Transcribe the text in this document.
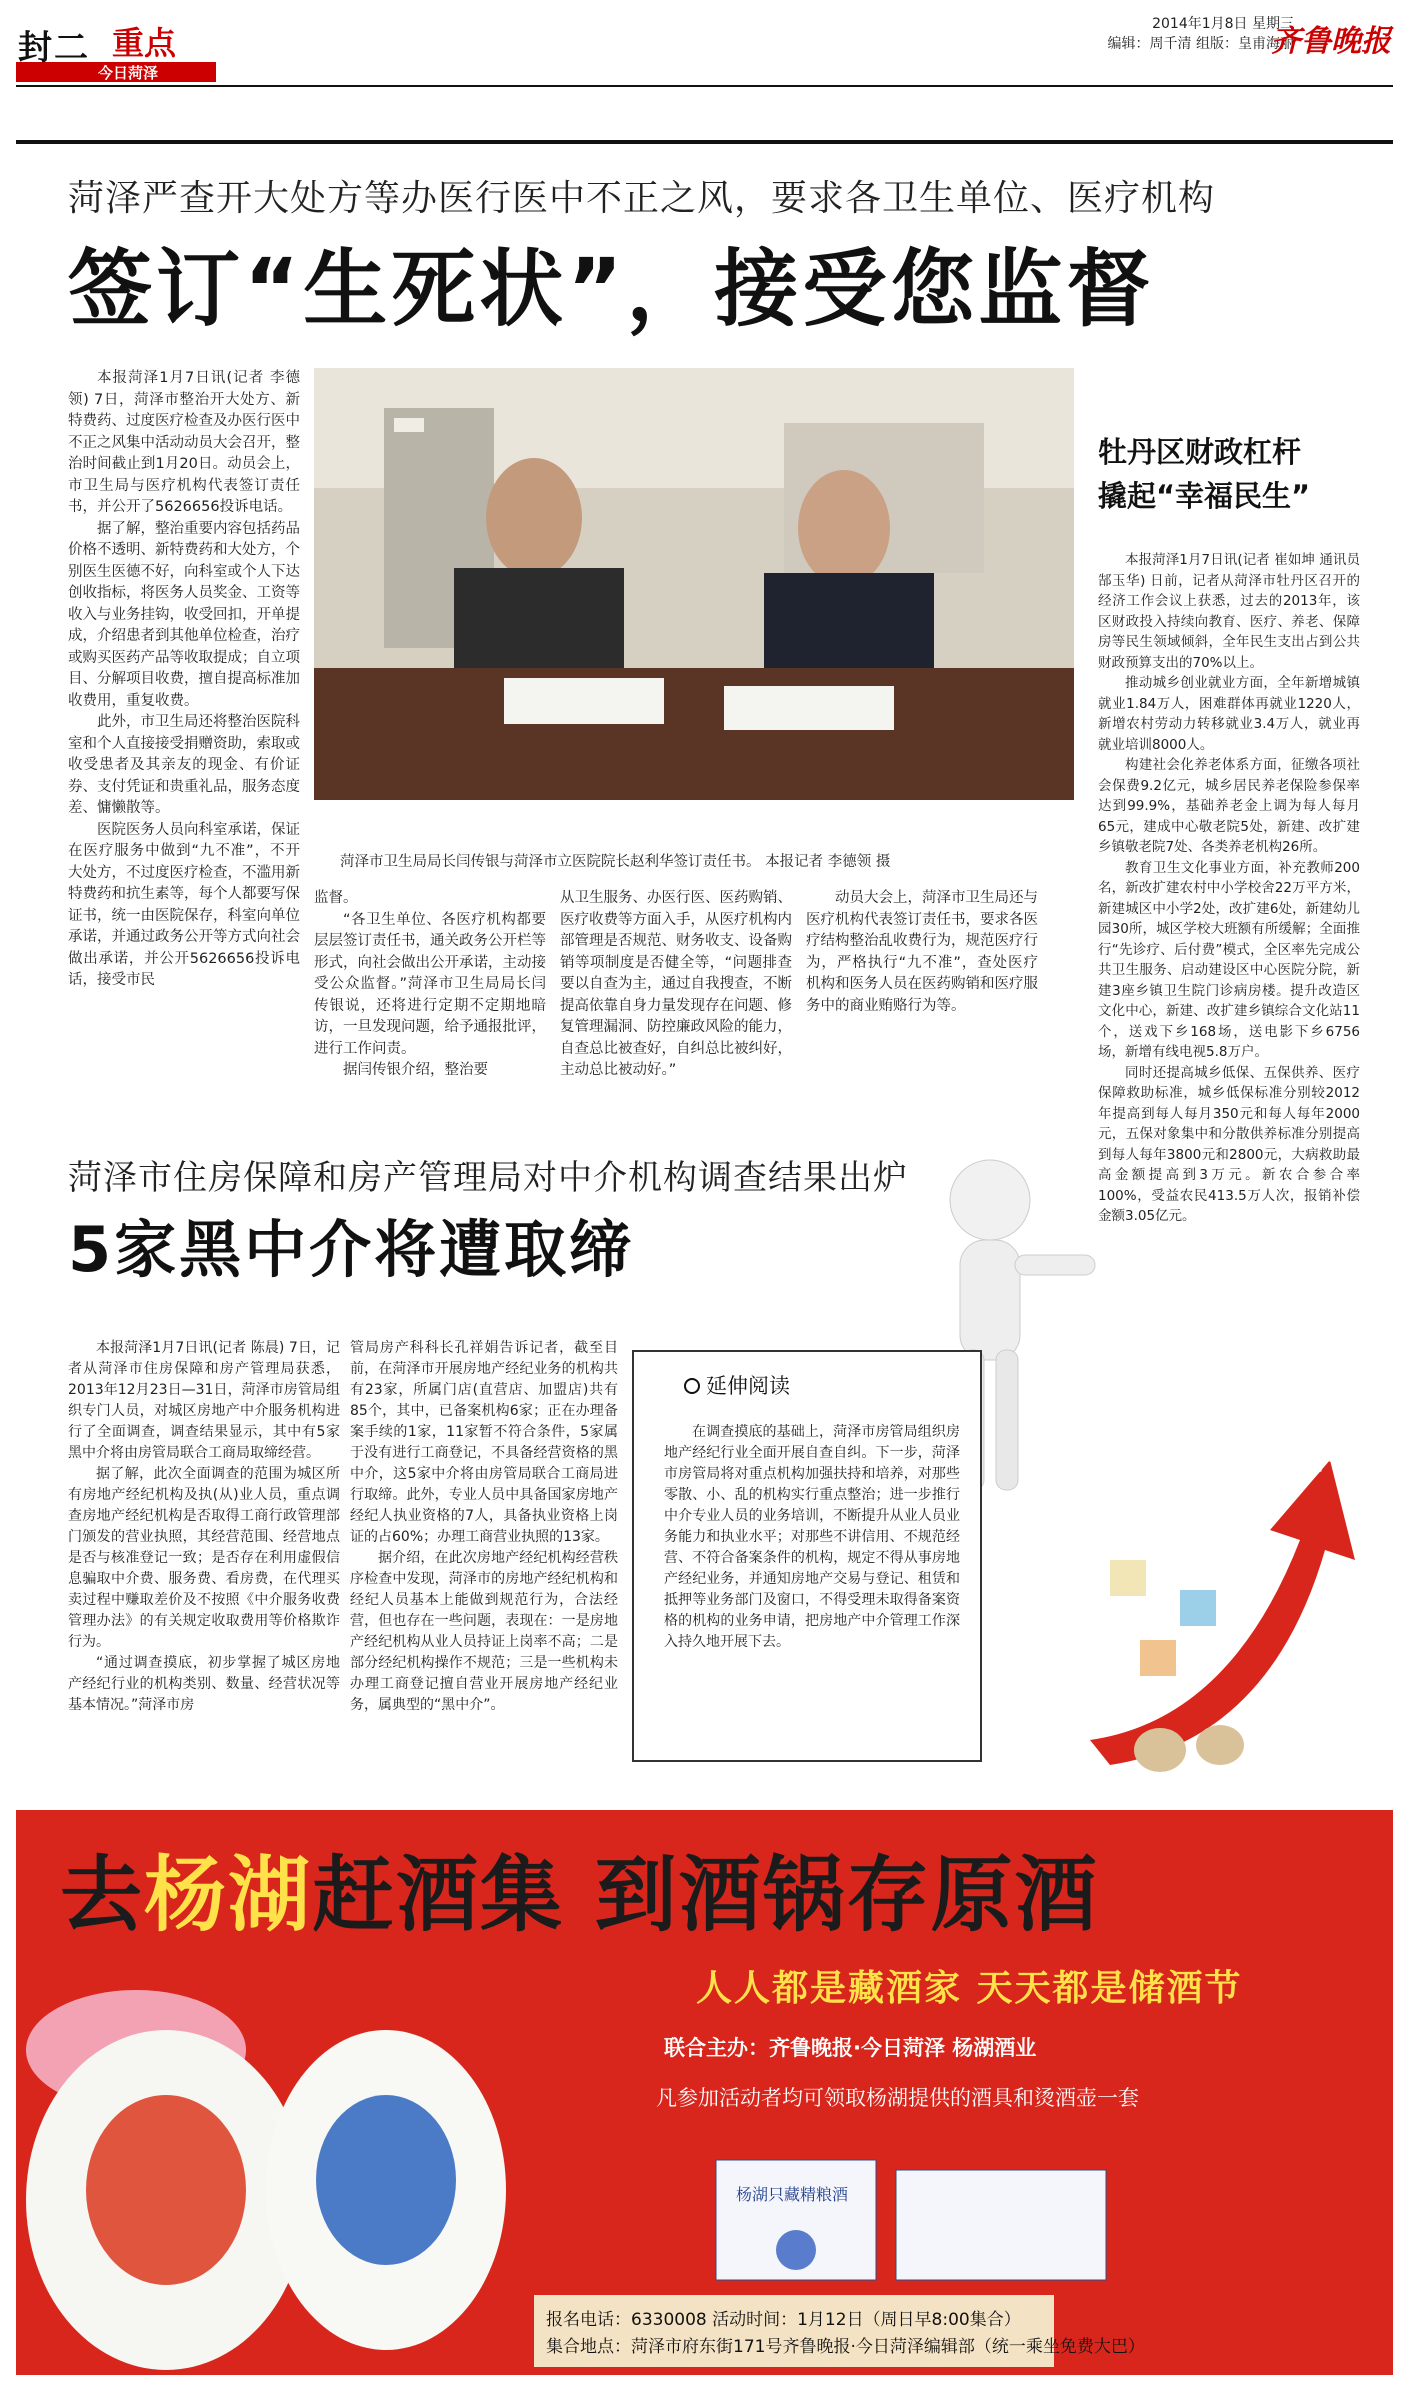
封二 重点
今日菏泽
2014年1月8日 星期三
编辑：周千清 组版：皇甫海丽
齐鲁晚报
菏泽严查开大处方等办医行医中不正之风，要求各卫生单位、医疗机构
签订“生死状”，接受您监督

本报菏泽1月7日讯(记者 李德领) 7日，菏泽市整治开大处方、新特费药、过度医疗检查及办医行医中不正之风集中活动动员大会召开，整治时间截止到1月20日。动员会上，市卫生局与医疗机构代表签订责任书，并公开了5626656投诉电话。

据了解，整治重要内容包括药品价格不透明、新特费药和大处方，个别医生医德不好，向科室或个人下达创收指标，将医务人员奖金、工资等收入与业务挂钩，收受回扣，开单提成，介绍患者到其他单位检查，治疗或购买医药产品等收取提成；自立项目、分解项目收费，擅自提高标准加收费用，重复收费。

此外，市卫生局还将整治医院科室和个人直接接受捐赠资助，索取或收受患者及其亲友的现金、有价证券、支付凭证和贵重礼品，服务态度差、慵懒散等。

医院医务人员向科室承诺，保证在医疗服务中做到“九不准”，不开大处方，不过度医疗检查，不滥用新特费药和抗生素等，每个人都要写保证书，统一由医院保存，科室向单位承诺，并通过政务公开等方式向社会做出承诺，并公开5626656投诉电话，接受市民

菏泽市卫生局局长闫传银与菏泽市立医院院长赵利华签订责任书。 本报记者 李德领 摄

监督。

“各卫生单位、各医疗机构都要层层签订责任书，通关政务公开栏等形式，向社会做出公开承诺，主动接受公众监督。”菏泽市卫生局局长闫传银说，还将进行定期不定期地暗访，一旦发现问题，给予通报批评，进行工作问责。

据闫传银介绍，整治要

从卫生服务、办医行医、医药购销、医疗收费等方面入手，从医疗机构内部管理是否规范、财务收支、设备购销等项制度是否健全等，“问题排查要以自查为主，通过自我搜查，不断提高依靠自身力量发现存在问题、修复管理漏洞、防控廉政风险的能力，自查总比被查好，自纠总比被纠好，主动总比被动好。”

动员大会上，菏泽市卫生局还与医疗机构代表签订责任书，要求各医疗结构整治乱收费行为，规范医疗行为，严格执行“九不准”，查处医疗机构和医务人员在医药购销和医疗服务中的商业贿赂行为等。

牡丹区财政杠杆
撬起“幸福民生”

本报菏泽1月7日讯(记者 崔如坤 通讯员 郜玉华) 日前，记者从菏泽市牡丹区召开的经济工作会议上获悉，过去的2013年，该区财政投入持续向教育、医疗、养老、保障房等民生领域倾斜，全年民生支出占到公共财政预算支出的70%以上。

推动城乡创业就业方面，全年新增城镇就业1.84万人，困难群体再就业1220人，新增农村劳动力转移就业3.4万人，就业再就业培训8000人。

构建社会化养老体系方面，征缴各项社会保费9.2亿元，城乡居民养老保险参保率达到99.9%，基础养老金上调为每人每月65元，建成中心敬老院5处，新建、改扩建乡镇敬老院7处、各类养老机构26所。

教育卫生文化事业方面，补充教师200名，新改扩建农村中小学校舍22万平方米，新建城区中小学2处，改扩建6处，新建幼儿园30所，城区学校大班额有所缓解；全面推行“先诊疗、后付费”模式，全区率先完成公共卫生服务、启动建设区中心医院分院，新建3座乡镇卫生院门诊病房楼。提升改造区文化中心，新建、改扩建乡镇综合文化站11个，送戏下乡168场，送电影下乡6756场，新增有线电视5.8万户。

同时还提高城乡低保、五保供养、医疗保障救助标准，城乡低保标准分别较2012年提高到每人每月350元和每人每年2000元，五保对象集中和分散供养标准分别提高到每人每年3800元和2800元，大病救助最高金额提高到3万元。新农合参合率100%，受益农民413.5万人次，报销补偿金额3.05亿元。

菏泽市住房保障和房产管理局对中介机构调查结果出炉
5家黑中介将遭取缔

本报菏泽1月7日讯(记者 陈晨) 7日，记者从菏泽市住房保障和房产管理局获悉，2013年12月23日—31日，菏泽市房管局组织专门人员，对城区房地产中介服务机构进行了全面调查，调查结果显示，其中有5家黑中介将由房管局联合工商局取缔经营。

据了解，此次全面调查的范围为城区所有房地产经纪机构及执(从)业人员，重点调查房地产经纪机构是否取得工商行政管理部门颁发的营业执照，其经营范围、经营地点是否与核准登记一致；是否存在利用虚假信息骗取中介费、服务费、看房费，在代理买卖过程中赚取差价及不按照《中介服务收费管理办法》的有关规定收取费用等价格欺诈行为。

“通过调查摸底，初步掌握了城区房地产经纪行业的机构类别、数量、经营状况等基本情况。”菏泽市房

管局房产科科长孔祥娟告诉记者，截至目前，在菏泽市开展房地产经纪业务的机构共有23家，所属门店(直营店、加盟店)共有85个，其中，已备案机构6家；正在办理备案手续的1家，11家暂不符合条件，5家属于没有进行工商登记，不具备经营资格的黑中介，这5家中介将由房管局联合工商局进行取缔。此外，专业人员中具备国家房地产经纪人执业资格的7人，具备执业资格上岗证的占60%；办理工商营业执照的13家。

据介绍，在此次房地产经纪机构经营秩序检查中发现，菏泽市的房地产经纪机构和经纪人员基本上能做到规范行为，合法经营，但也存在一些问题，表现在：一是房地产经纪机构从业人员持证上岗率不高；二是部分经纪机构操作不规范；三是一些机构未办理工商登记擅自营业开展房地产经纪业务，属典型的“黑中介”。

延伸阅读

在调查摸底的基础上，菏泽市房管局组织房地产经纪行业全面开展自查自纠。下一步，菏泽市房管局将对重点机构加强扶持和培养，对那些零散、小、乱的机构实行重点整治；进一步推行中介专业人员的业务培训，不断提升从业人员业务能力和执业水平；对那些不讲信用、不规范经营、不符合备案条件的机构，规定不得从事房地产经纪业务，并通知房地产交易与登记、租赁和抵押等业务部门及窗口，不得受理未取得备案资格的机构的业务申请，把房地产中介管理工作深入持久地开展下去。

民生投入
去杨湖赶酒集 到酒锅存原酒
人人都是藏酒家 天天都是储酒节
联合主办：齐鲁晚报·今日菏泽 杨湖酒业
凡参加活动者均可领取杨湖提供的酒具和烫酒壶一套
杨湖只藏精粮酒
报名电话：6330008 活动时间：1月12日（周日早8:00集合）
集合地点：菏泽市府东街171号齐鲁晚报·今日菏泽编辑部（统一乘坐免费大巴）
